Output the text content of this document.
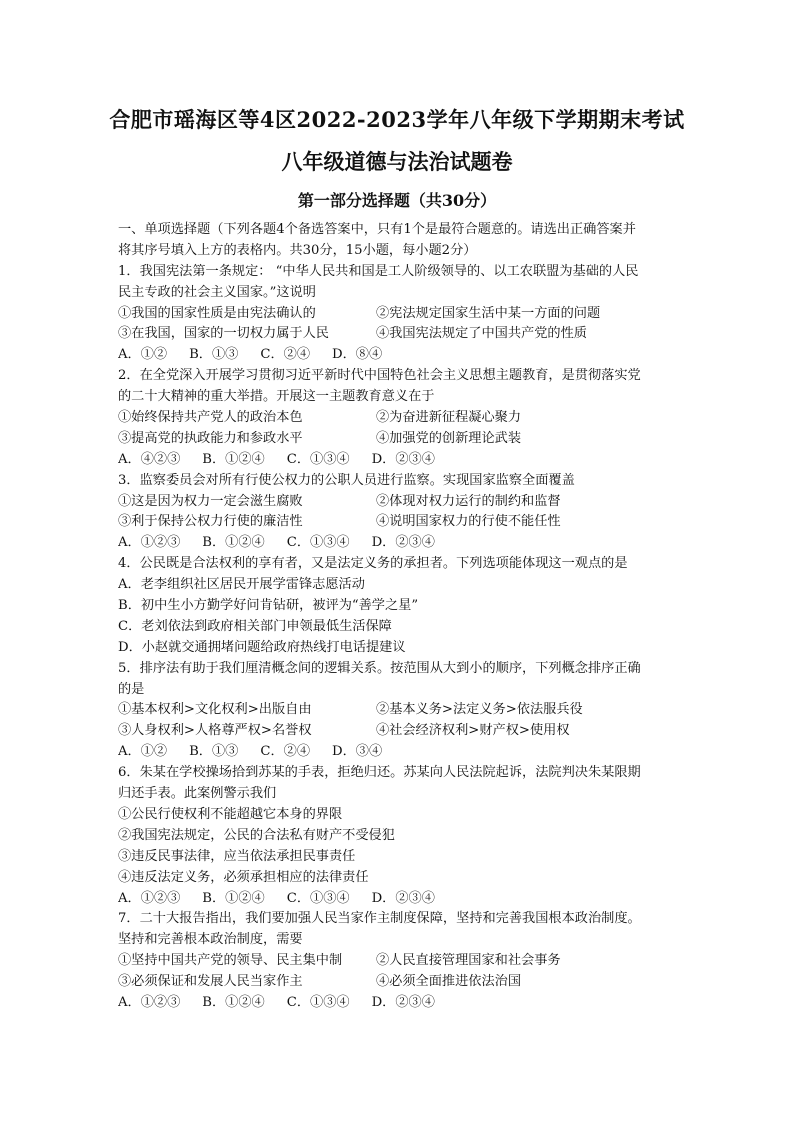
合肥市瑶海区等4区2022-2023学年八年级下学期期末考试
八年级道德与法治试题卷
第一部分选择题（共30分）
一、单项选择题（下列各题4个备选答案中，只有1个是最符合题意的。请选出正确答案并
将其序号填入上方的表格内。共30分，15小题，每小题2分）
1．我国宪法第一条规定： “中华人民共和国是工人阶级领导的、以工农联盟为基础的人民
民主专政的社会主义国家。”这说明
①我国的国家性质是由宪法确认的	②宪法规定国家生活中某一方面的问题
③在我国，国家的一切权力属于人民	④我国宪法规定了中国共产党的性质
A．①② B．①③ C．②④ D．⑧④
2．在全党深入开展学习贯彻习近平新时代中国特色社会主义思想主题教育，是贯彻落实党
的二十大精神的重大举措。开展这一主题教育意义在于
①始终保持共产党人的政治本色	②为奋进新征程凝心聚力
③提高党的执政能力和参政水平	④加强党的创新理论武装
A．④②③ B．①②④ C．①③④ D．②③④
3．监察委员会对所有行使公权力的公职人员进行监察。实现国家监察全面覆盖
①这是因为权力一定会滋生腐败	②体现对权力运行的制约和监督
③利于保持公权力行使的廉洁性	④说明国家权力的行使不能任性
A．①②③ B．①②④ C．①③④ D．②③④
4．公民既是合法权利的享有者，又是法定义务的承担者。下列选项能体现这一观点的是
A．老李组织社区居民开展学雷锋志愿活动
B．初中生小方勤学好问肯钻研，被评为“善学之星”
C．老刘依法到政府相关部门申领最低生活保障
D．小赵就交通拥堵问题给政府热线打电话提建议
5．排序法有助于我们厘清概念间的逻辑关系。按范围从大到小的顺序，下列概念排序正确
的是
①基本权利>文化权利>出版自由	②基本义务>法定义务>依法服兵役
③人身权利>人格尊严权>名誉权	④社会经济权利>财产权>使用权
A．①② B．①③ C．②④ D．③④
6．朱某在学校操场拾到苏某的手表，拒绝归还。苏某向人民法院起诉，法院判决朱某限期
归还手表。此案例警示我们
①公民行使权利不能超越它本身的界限
②我国宪法规定，公民的合法私有财产不受侵犯
③违反民事法律，应当依法承担民事责任
④违反法定义务，必须承担相应的法律责任
A．①②③ B．①②④ C．①③④ D．②③④
7．二十大报告指出，我们要加强人民当家作主制度保障，坚持和完善我国根本政治制度。
坚持和完善根本政治制度，需要
①坚持中国共产党的领导、民主集中制	②人民直接管理国家和社会事务
③必须保证和发展人民当家作主	④必须全面推进依法治国
A．①②③ B．①②④ C．①③④ D．②③④
